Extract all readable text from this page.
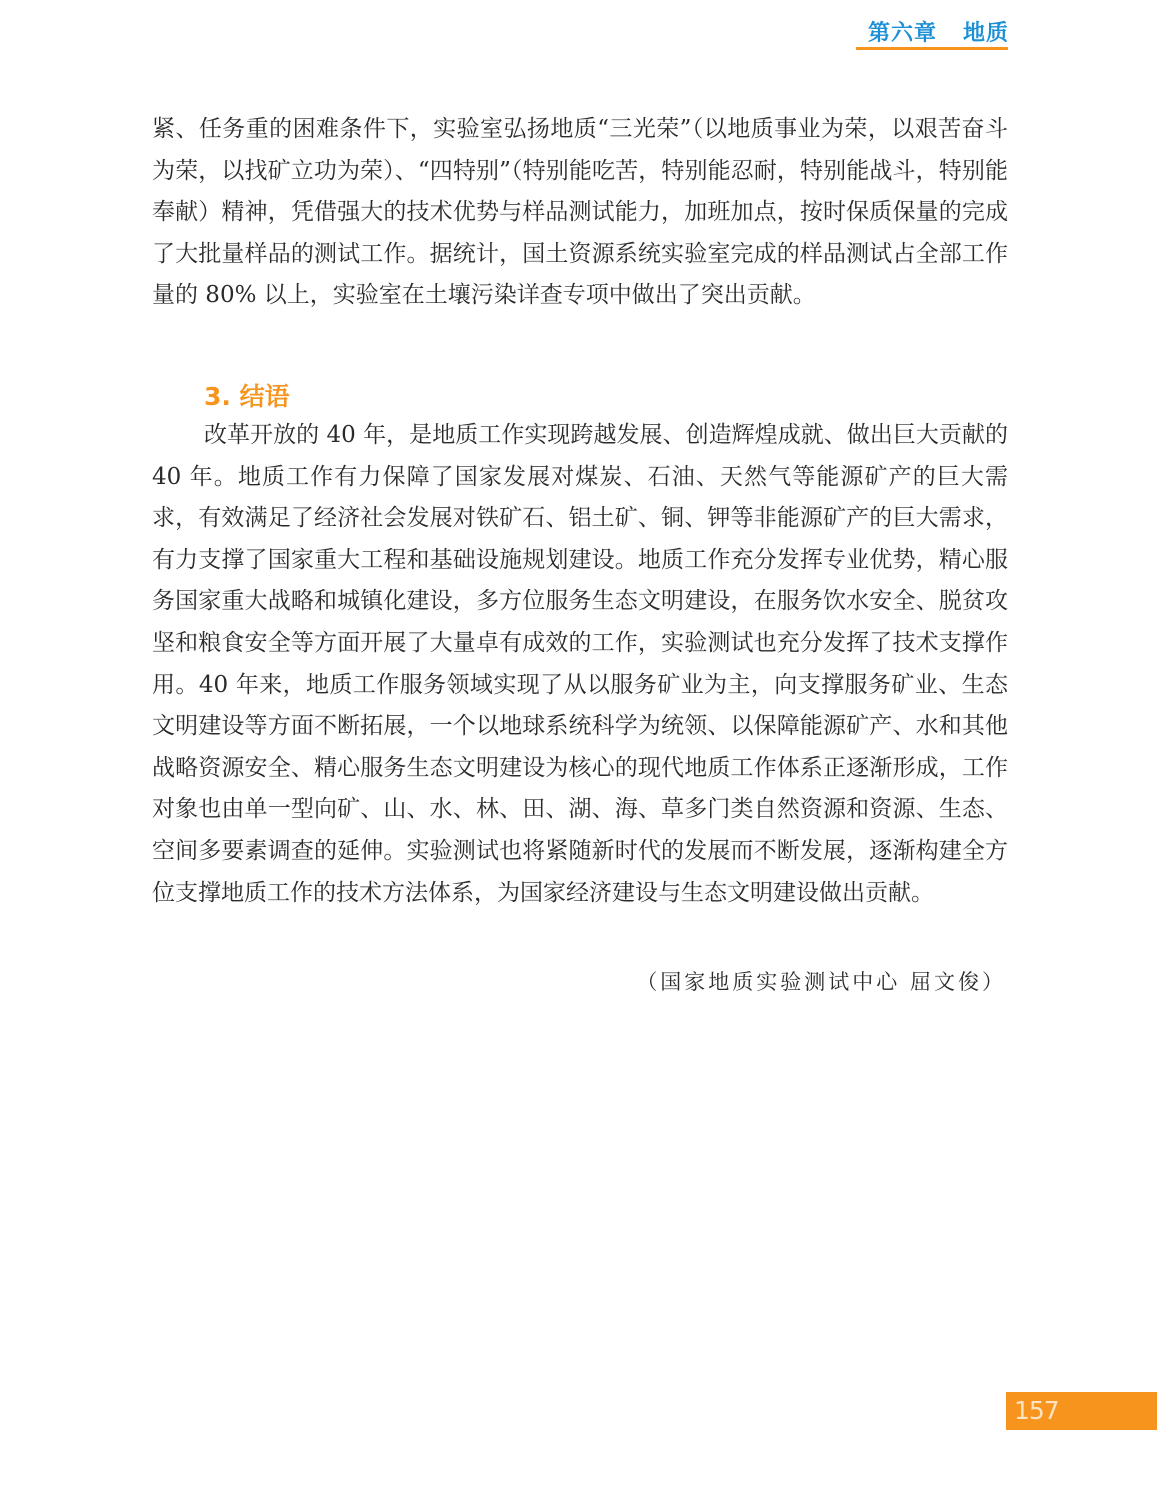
第六章   地质

紧、任务重的困难条件下，实验室弘扬地质“三光荣”（以地质事业为荣，以艰苦奋斗为荣，以找矿立功为荣）、“四特别”（特别能吃苦，特别能忍耐，特别能战斗，特别能奉献）精神，凭借强大的技术优势与样品测试能力，加班加点，按时保质保量的完成了大批量样品的测试工作。据统计，国土资源系统实验室完成的样品测试占全部工作量的 80% 以上，实验室在土壤污染详查专项中做出了突出贡献。

3. 结语

改革开放的 40 年，是地质工作实现跨越发展、创造辉煌成就、做出巨大贡献的 40 年。地质工作有力保障了国家发展对煤炭、石油、天然气等能源矿产的巨大需求，有效满足了经济社会发展对铁矿石、铝土矿、铜、钾等非能源矿产的巨大需求，有力支撑了国家重大工程和基础设施规划建设。地质工作充分发挥专业优势，精心服务国家重大战略和城镇化建设，多方位服务生态文明建设，在服务饮水安全、脱贫攻坚和粮食安全等方面开展了大量卓有成效的工作，实验测试也充分发挥了技术支撑作用。40 年来，地质工作服务领域实现了从以服务矿业为主，向支撑服务矿业、生态文明建设等方面不断拓展，一个以地球系统科学为统领、以保障能源矿产、水和其他战略资源安全、精心服务生态文明建设为核心的现代地质工作体系正逐渐形成，工作对象也由单一型向矿、山、水、林、田、湖、海、草多门类自然资源和资源、生态、空间多要素调查的延伸。实验测试也将紧随新时代的发展而不断发展，逐渐构建全方位支撑地质工作的技术方法体系，为国家经济建设与生态文明建设做出贡献。

（国家地质实验测试中心 屈文俊）
157
